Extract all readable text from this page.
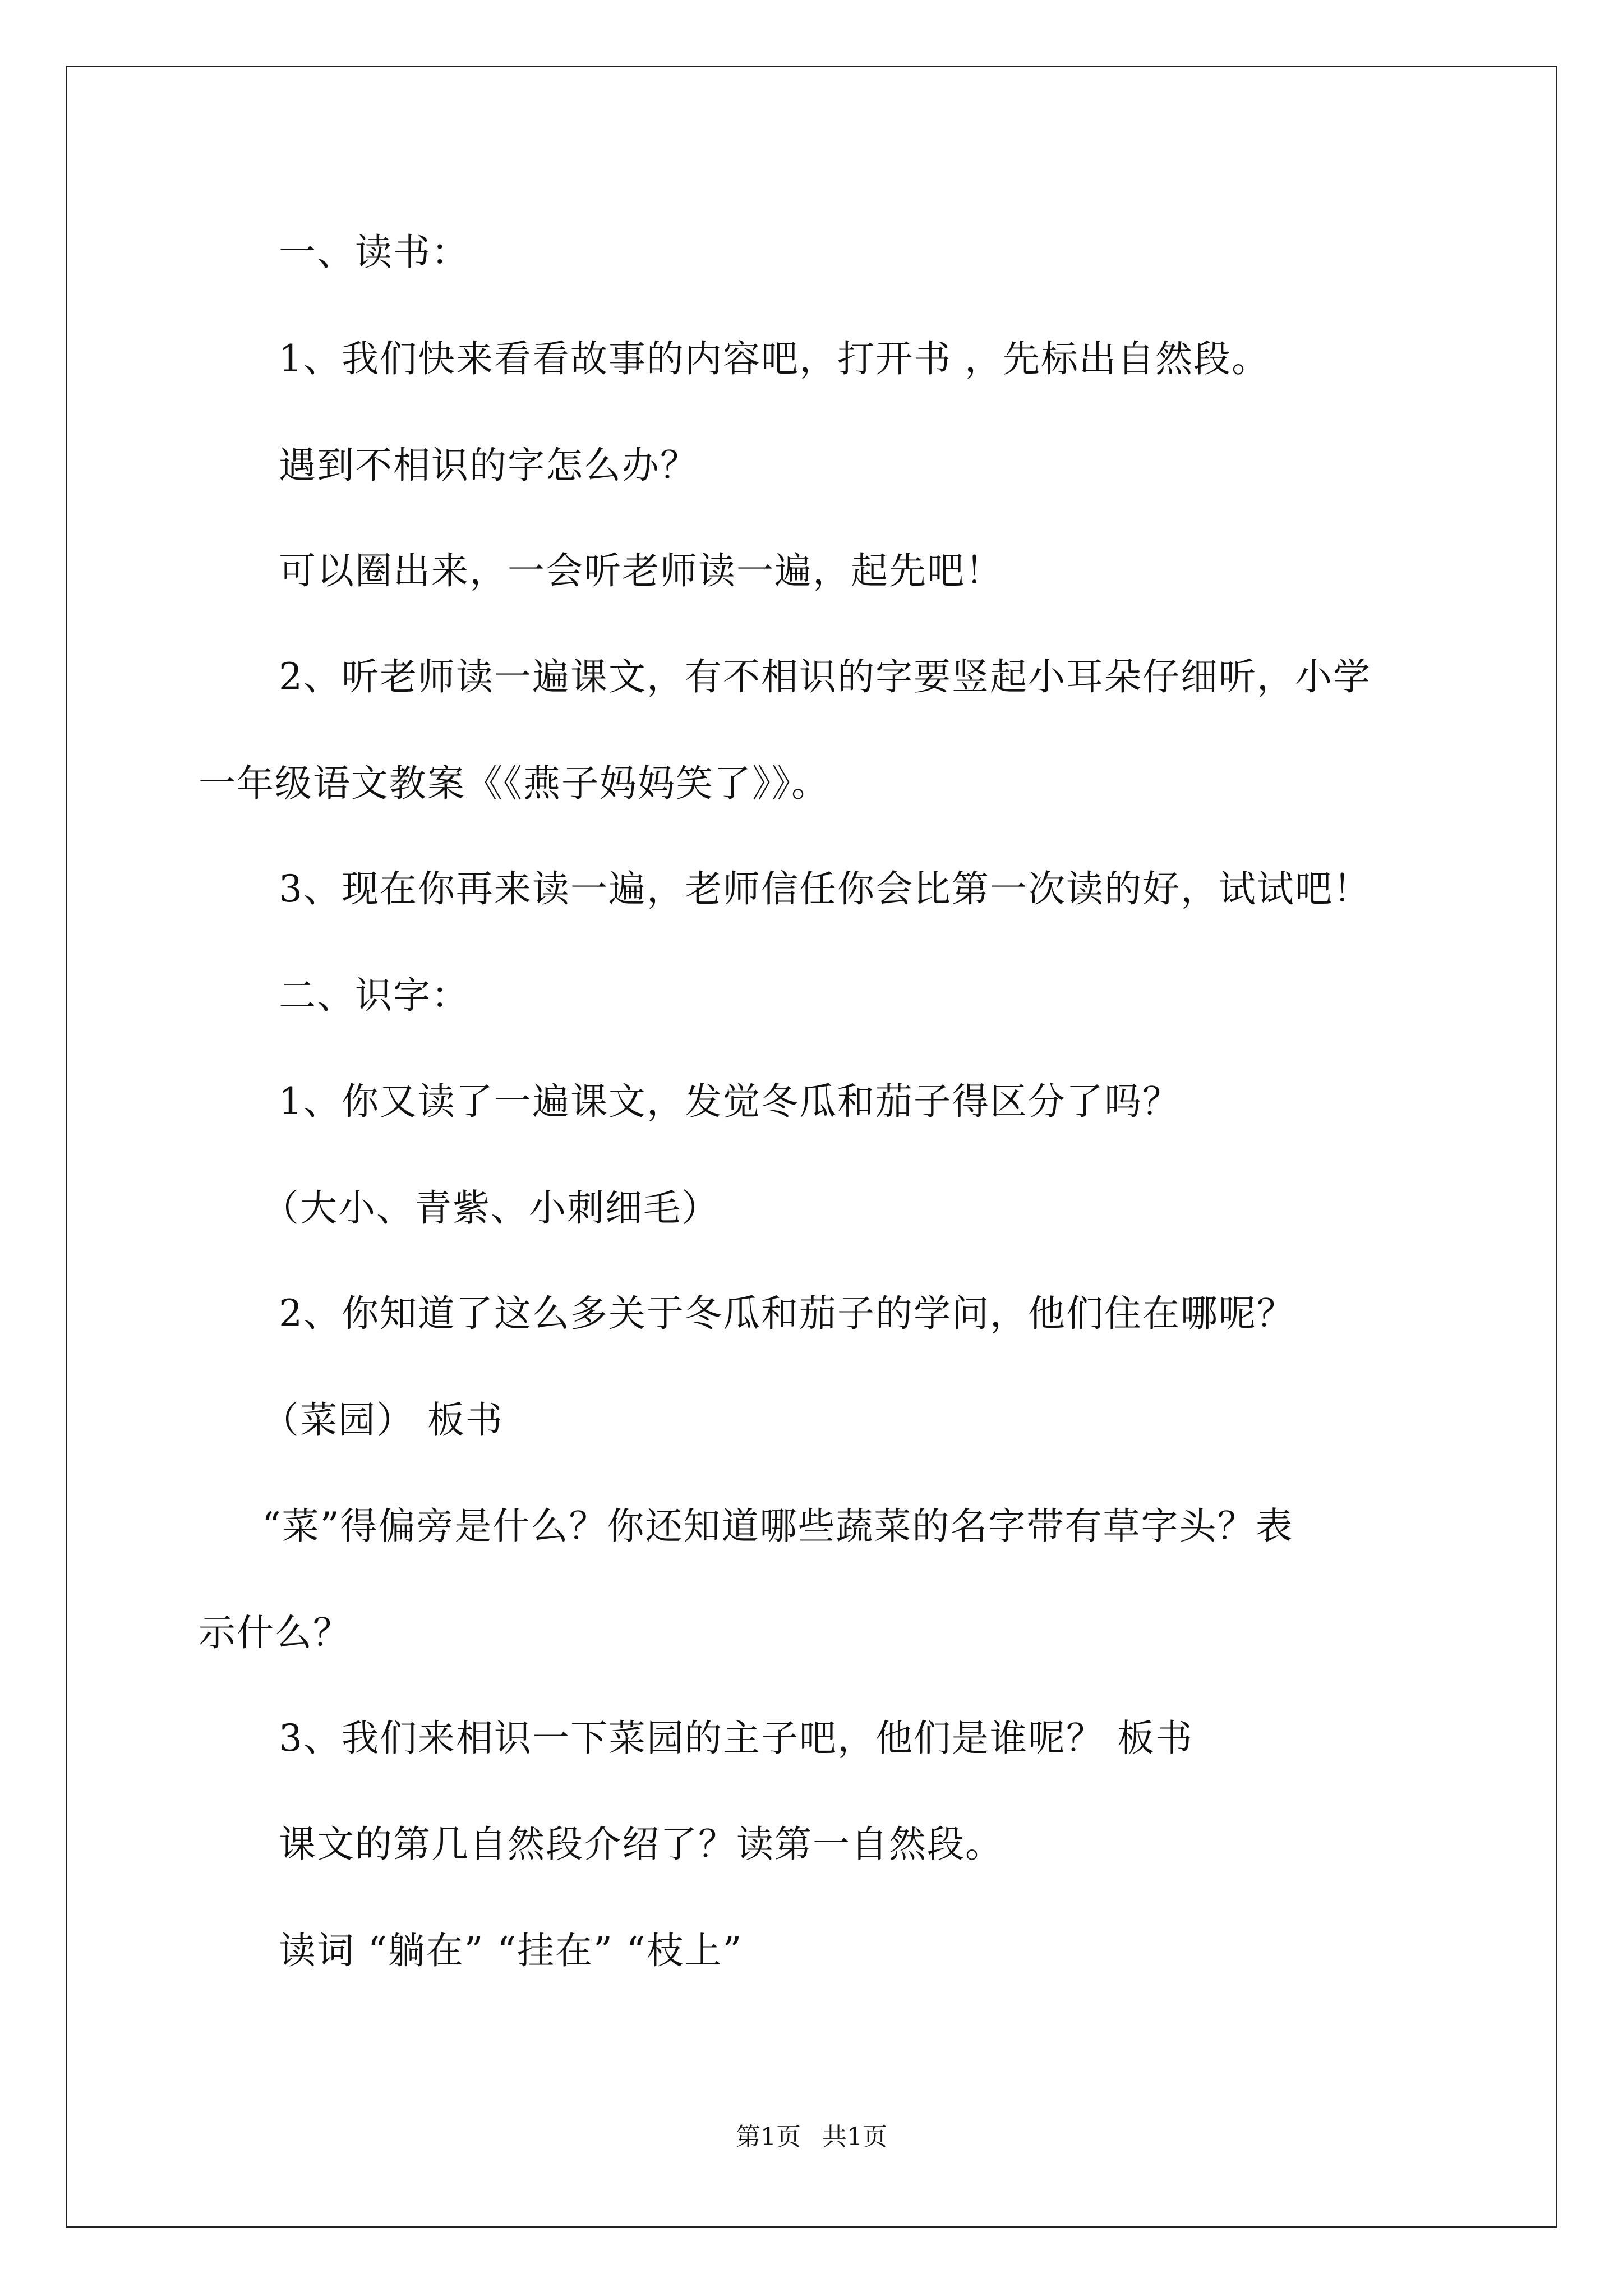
一、读书：
1、我们快来看看故事的内容吧，打开书 ，先标出自然段。
遇到不相识的字怎么办？
可以圈出来，一会听老师读一遍，起先吧！
2、听老师读一遍课文，有不相识的字要竖起小耳朵仔细听，小学
一年级语文教案《《燕子妈妈笑了》》。
3、现在你再来读一遍，老师信任你会比第一次读的好，试试吧！
二、识字：
1、你又读了一遍课文，发觉冬瓜和茄子得区分了吗？
（大小、青紫、小刺细毛）
2、你知道了这么多关于冬瓜和茄子的学问，他们住在哪呢？
（菜园） 板书
“菜”得偏旁是什么？你还知道哪些蔬菜的名字带有草字头？表
示什么？
3、我们来相识一下菜园的主子吧，他们是谁呢？ 板书
课文的第几自然段介绍了？读第一自然段。
读词 “躺在” “挂在” “枝上”
第1页 共1页
